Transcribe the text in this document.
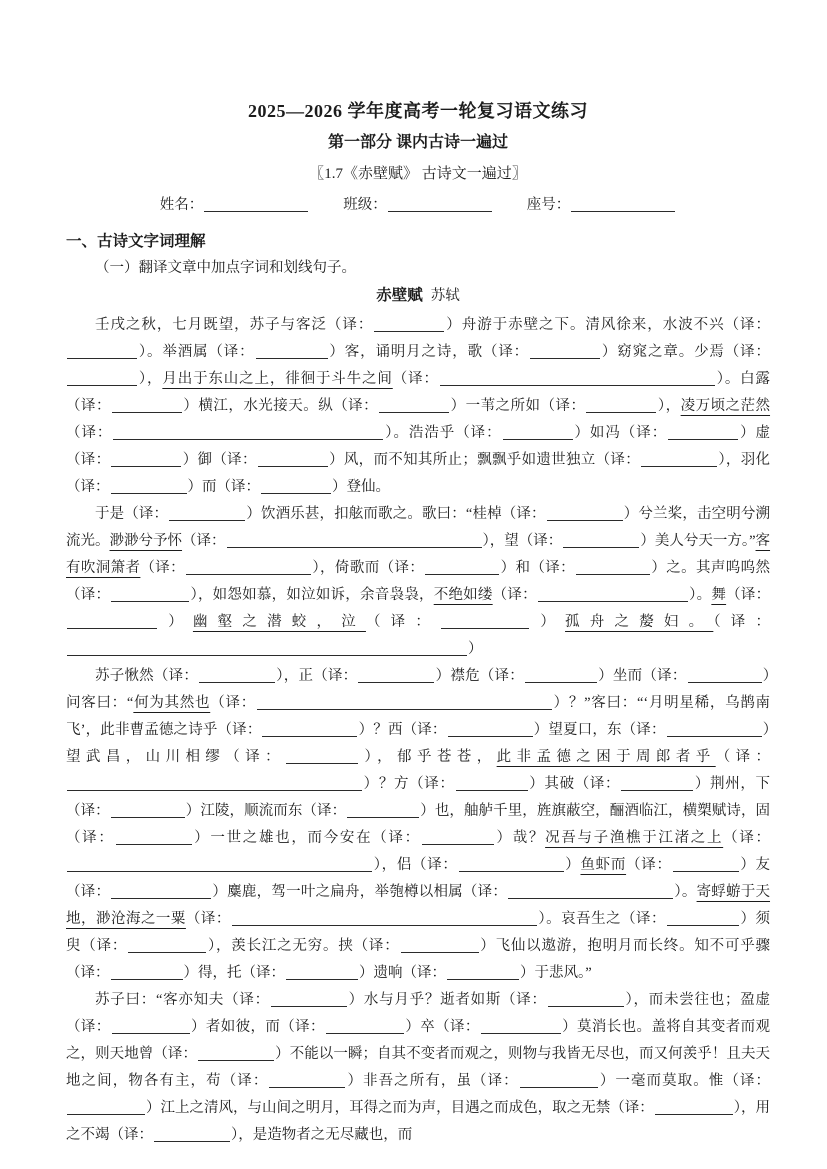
2025—2026 学年度高考一轮复习语文练习
第一部分 课内古诗一遍过
〖1.7《赤壁赋》 古诗文一遍过〗
姓名：	班级：	座号：
一、古诗文字词理解
（一）翻译文章中加点字词和划线句子。
赤壁赋 苏轼

壬戌之秋，七月既望，苏子与客泛（译：	）舟游于赤壁之下。清风徐来，水波不兴（译：）。举酒属（译：	）客，诵明月之诗，歌（译：	）窈窕之章。少焉（译：），月出于东山之上，徘徊于斗牛之间（译：	）。白露（译：	）横江，水光接天。纵（译：	）一苇之所如（译：	），凌万顷之茫然（译：	）。浩浩乎（译：	）如冯（译：	）虚（译：	）御（译：	）风，而不知其所止；飘飘乎如遗世独立（译：	），羽化（译：	）而（译：	）登仙。

于是（译：	）饮酒乐甚，扣舷而歌之。歌曰：“桂棹（译：	）兮兰桨，击空明兮溯流光。渺渺兮予怀（译：	），望（译：	）美人兮天一方。”客有吹洞箫者（译：	），倚歌而（译：	）和（译：	）之。其声呜呜然（译：	），如怨如慕，如泣如诉，余音袅袅，不绝如缕（译：	）。舞（译：）幽壑之潜蛟，泣（译：	）孤舟之嫠妇。（译：）

苏子愀然（译：	），正（译：	）襟危（译：	）坐而（译：	）问客曰：“何为其然也（译：	）？”客曰：“‘月明星稀，乌鹊南飞’，此非曹孟德之诗乎（译：	）？西（译：	）望夏口，东（译：	）望武昌，山川相缪（译：	），郁乎苍苍，此非孟德之困于周郎者乎（译：）？方（译：	）其破（译：	）荆州，下（译：	）江陵，顺流而东（译：	）也，舳舻千里，旌旗蔽空，酾酒临江，横槊赋诗，固（译：	）一世之雄也，而今安在（译：	）哉？况吾与子渔樵于江渚之上（译：），侣（译：	）鱼虾而（译：	）友（译：	）麋鹿，驾一叶之扁舟，举匏樽以相属（译：	）。寄蜉蝣于天地，渺沧海之一粟（译：	）。哀吾生之（译：	）须臾（译：	），羡长江之无穷。挟（译：	）飞仙以遨游，抱明月而长终。知不可乎骤（译：	）得，托（译：	）遗响（译：	）于悲风。”

苏子曰：“客亦知夫（译：	）水与月乎？逝者如斯（译：	），而未尝往也；盈虚（译：	）者如彼，而（译：	）卒（译：	）莫消长也。盖将自其变者而观之，则天地曾（译：	）不能以一瞬；自其不变者而观之，则物与我皆无尽也，而又何羡乎！且夫天地之间，物各有主，苟（译：	）非吾之所有，虽（译：	）一毫而莫取。惟（译：）江上之清风，与山间之明月，耳得之而为声，目遇之而成色，取之无禁（译：	），用之不竭（译：	），是造物者之无尽藏也，而
